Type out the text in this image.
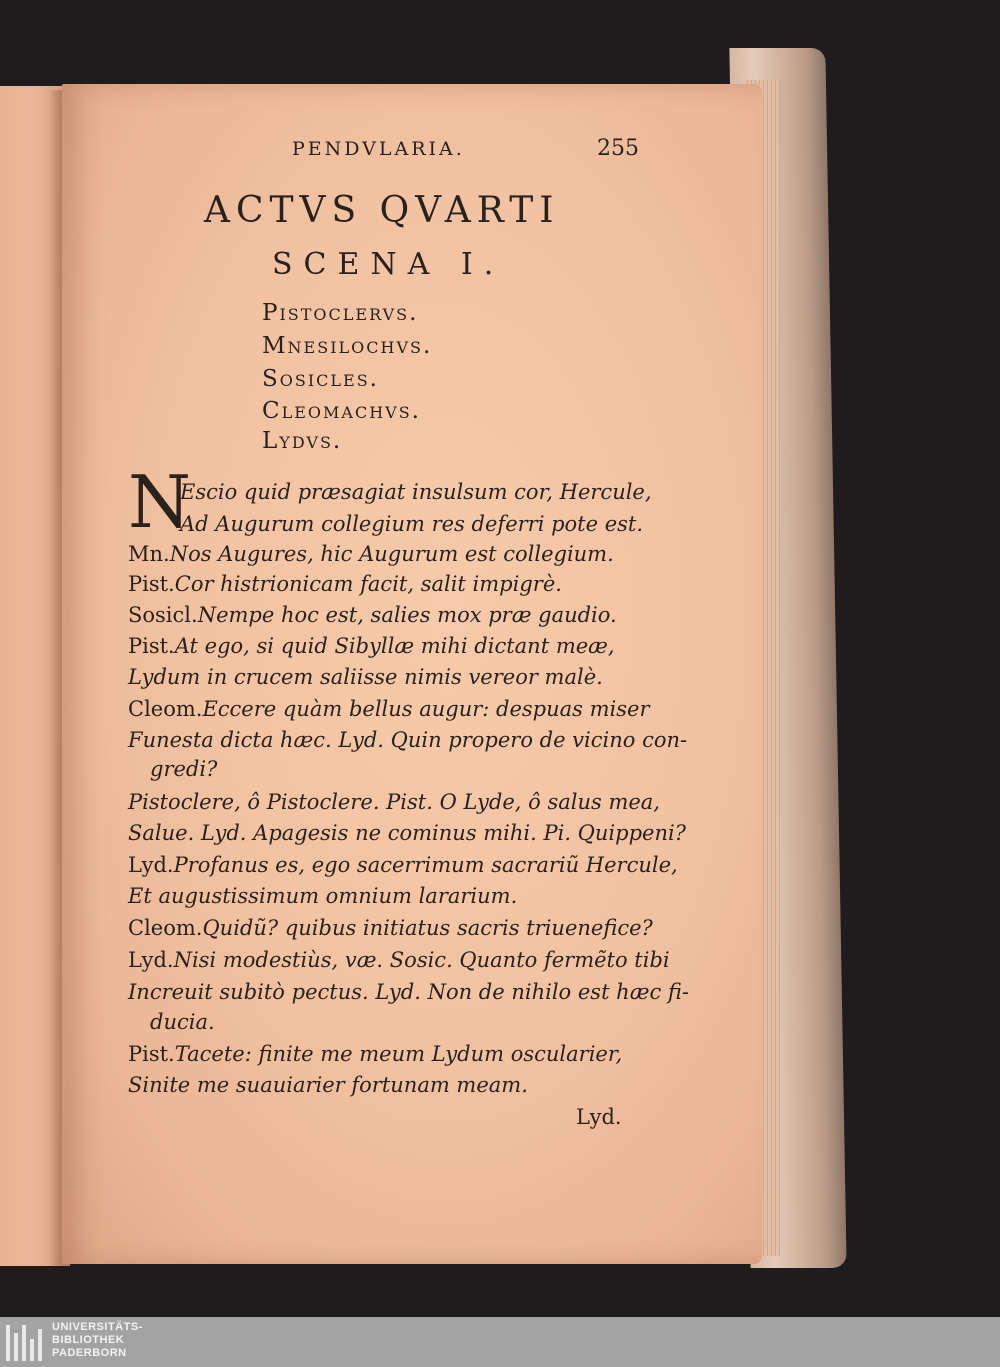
PENDVLARIA.	255
ACTVS QVARTI
SCENA I.
Pistoclervs.
Mnesilochvs.
Sosicles.
Cleomachvs.
Lydvs.
N
Escio quid præsagiat insulsum cor, Hercule,
Ad Augurum collegium res deferri pote est.
Mn.Nos Augures, hic Augurum est collegium.
Pist.Cor histrionicam facit, salit impigrè.
Sosicl.Nempe hoc est, salies mox præ gaudio.
Pist.At ego, si quid Sibyllæ mihi dictant meæ,
Lydum in crucem saliisse nimis vereor malè.
Cleom.Eccere quàm bellus augur: despuas miser
Funesta dicta hæc. Lyd. Quin propero de vicino con-
gredi?
Pistoclere, ô Pistoclere. Pist. O Lyde, ô salus mea,
Salue. Lyd. Apagesis ne cominus mihi. Pi. Quippeni?
Lyd.Profanus es, ego sacerrimum sacrariũ Hercule,
Et augustissimum omnium lararium.
Cleom.Quidũ? quibus initiatus sacris triuenefice?
Lyd.Nisi modestiùs, væ. Sosic. Quanto fermẽto tibi
Increuit subitò pectus. Lyd. Non de nihilo est hæc fi-
ducia.
Pist.Tacete: finite me meum Lydum oscularier,
Sinite me suauiarier fortunam meam.
Lyd.
UNIVERSITÄTS-
BIBLIOTHEK
PADERBORN
